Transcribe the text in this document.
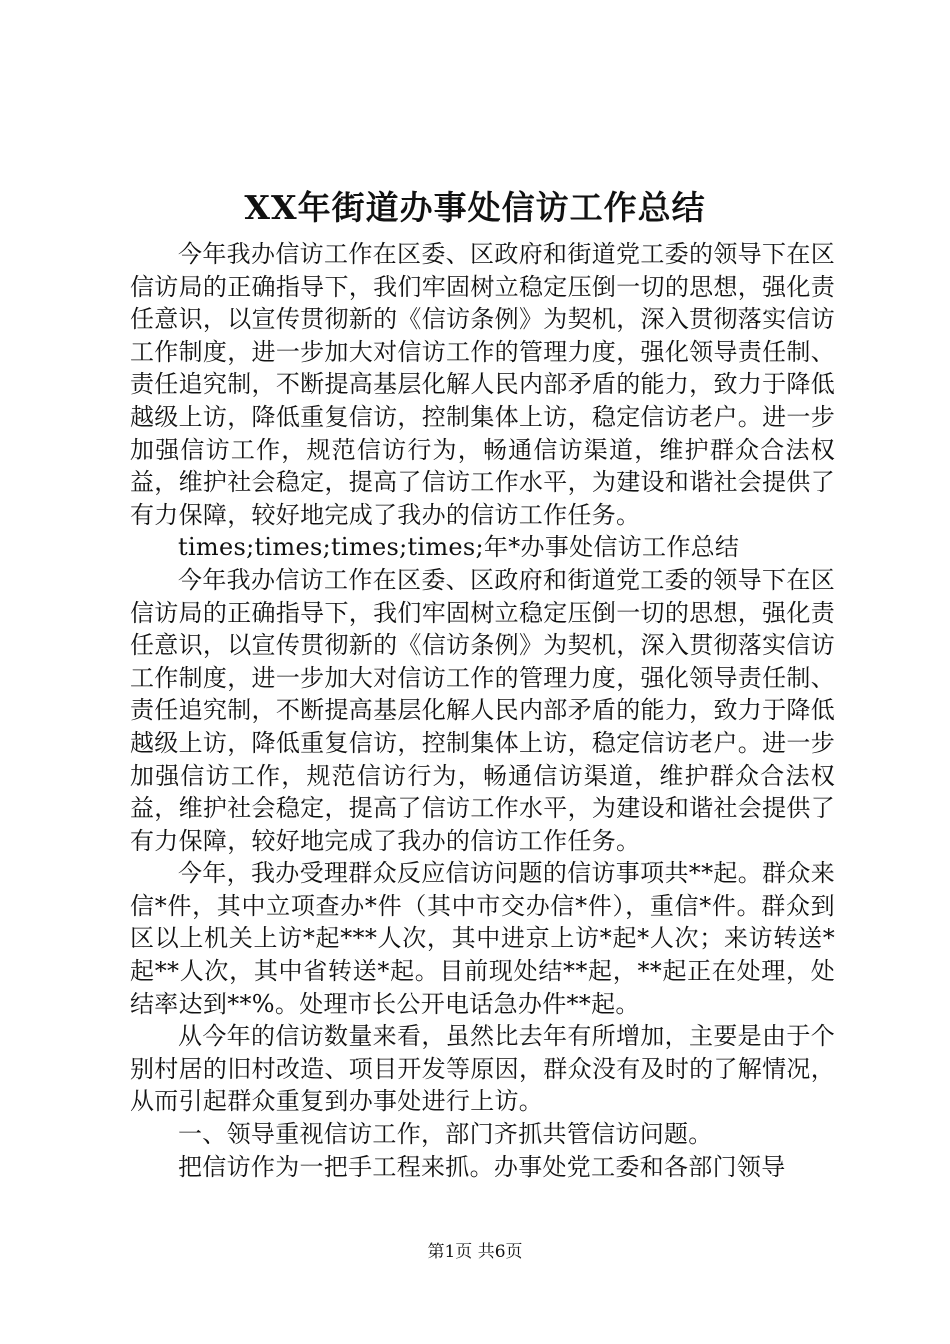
XX年街道办事处信访工作总结

今年我办信访工作在区委、区政府和街道党工委的领导下在区信访局的正确指导下，我们牢固树立稳定压倒一切的思想，强化责任意识，以宣传贯彻新的《信访条例》为契机，深入贯彻落实信访工作制度，进一步加大对信访工作的管理力度，强化领导责任制、责任追究制，不断提高基层化解人民内部矛盾的能力，致力于降低越级上访，降低重复信访，控制集体上访，稳定信访老户。进一步加强信访工作，规范信访行为，畅通信访渠道，维护群众合法权益，维护社会稳定，提高了信访工作水平，为建设和谐社会提供了有力保障，较好地完成了我办的信访工作任务。

times;times;times;times;年*办事处信访工作总结

今年我办信访工作在区委、区政府和街道党工委的领导下在区信访局的正确指导下，我们牢固树立稳定压倒一切的思想，强化责任意识，以宣传贯彻新的《信访条例》为契机，深入贯彻落实信访工作制度，进一步加大对信访工作的管理力度，强化领导责任制、责任追究制，不断提高基层化解人民内部矛盾的能力，致力于降低越级上访，降低重复信访，控制集体上访，稳定信访老户。进一步加强信访工作，规范信访行为，畅通信访渠道，维护群众合法权益，维护社会稳定，提高了信访工作水平，为建设和谐社会提供了有力保障，较好地完成了我办的信访工作任务。

今年，我办受理群众反应信访问题的信访事项共**起。群众来信*件，其中立项查办*件（其中市交办信*件），重信*件。群众到区以上机关上访*起***人次，其中进京上访*起*人次；来访转送*起**人次，其中省转送*起。目前现处结**起，**起正在处理，处结率达到**%。处理市长公开电话急办件**起。

从今年的信访数量来看，虽然比去年有所增加，主要是由于个别村居的旧村改造、项目开发等原因，群众没有及时的了解情况，从而引起群众重复到办事处进行上访。

一、领导重视信访工作，部门齐抓共管信访问题。

把信访作为一把手工程来抓。办事处党工委和各部门领导

第1页 共6页
